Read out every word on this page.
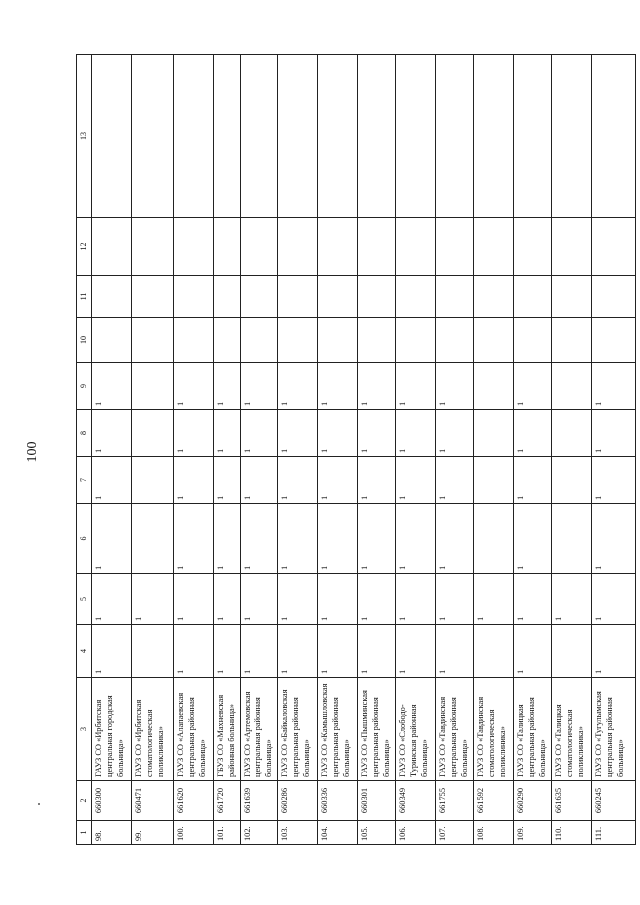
100
1	2	3	4	5	6	7	8	9	10	11	12	13
98.	660300	ГАУЗ СО «Ирбитская центральная городская больница»	1	1	1	1	1	1				
99.	660471	ГАУЗ СО «Ирбитская стоматологическая поликлиника»		1								
100.	661620	ГАУЗ СО «Алапаевская центральная районная больница»	1	1	1	1	1	1				
101.	661720	ГБУЗ СО «Махневская районная больница»	1	1	1	1	1	1				
102.	661639	ГАУЗ СО «Артемовская центральная районная больница»	1	1	1	1	1	1				
103.	660286	ГАУЗ СО «Байкаловская центральная районная больница»	1	1	1	1	1	1				
104.	660336	ГАУЗ СО «Камышловская центральная районная больница»	1	1	1	1	1	1				
105.	660301	ГАУЗ СО «Пышминская центральная районная больница»	1	1	1	1	1	1				
106.	660349	ГАУЗ СО «Слободо-Туринская районная больница»	1	1	1	1	1	1				
107.	661755	ГАУЗ СО «Тавдинская центральная районная больница»	1	1	1	1	1	1				
108.	661592	ГАУЗ СО «Тавдинская стоматологическая поликлиника»		1								
109.	660290	ГАУЗ СО «Талицкая центральная районная больница»	1	1	1	1	1	1				
110.	661635	ГАУЗ СО «Талицкая стоматологическая поликлиника»		1								
111.	660245	ГАУЗ СО «Тугулымская центральная районная больница»	1	1	1	1	1	1				
